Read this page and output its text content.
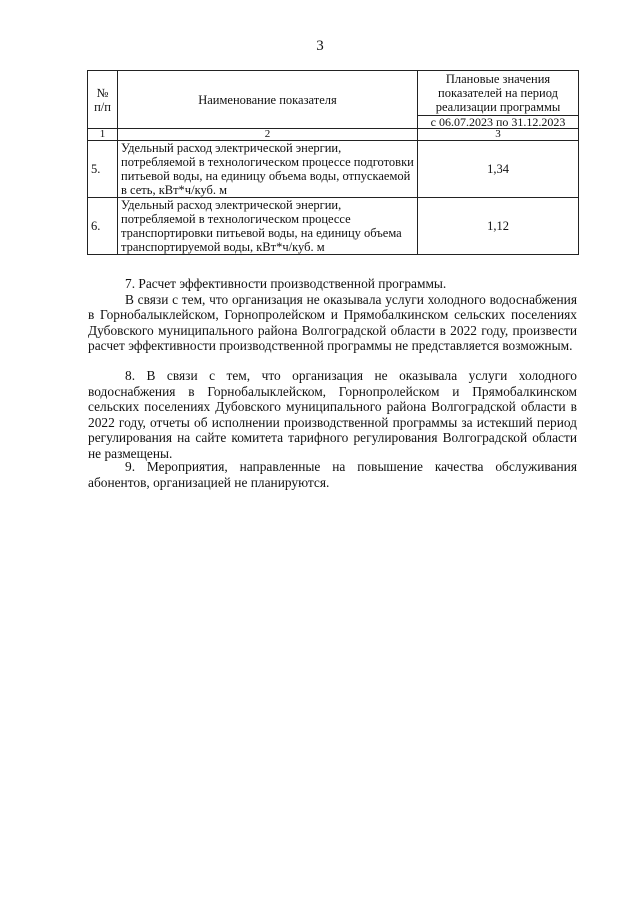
3
№ п/п	Наименование показателя	Плановые значения показателей на период реализации программы
		с 06.07.2023 по 31.12.2023
1	2	3
5.	Удельный расход электрической энергии, потребляемой в технологическом процессе подготовки питьевой воды, на единицу объема воды, отпускаемой в сеть, кВт*ч/куб. м	1,34
6.	Удельный расход электрической энергии, потребляемой в технологическом процессе транспортировки питьевой воды, на единицу объема транспортируемой воды, кВт*ч/куб. м	1,12

7. Расчет эффективности производственной программы.

В связи с тем, что организация не оказывала услуги холодного водоснабжения в Горнобалыклейском, Горнопролейском и Прямобалкинском сельских поселениях Дубовского муниципального района Волгоградской области в 2022 году, произвести расчет эффективности производственной программы не представляется возможным.

8. В связи с тем, что организация не оказывала услуги холодного водоснабжения в Горнобалыклейском, Горнопролейском и Прямобалкинском сельских поселениях Дубовского муниципального района Волгоградской области в 2022 году, отчеты об исполнении производственной программы за истекший период регулирования на сайте комитета тарифного регулирования Волгоградской области не размещены.

9. Мероприятия, направленные на повышение качества обслуживания абонентов, организацией не планируются.
